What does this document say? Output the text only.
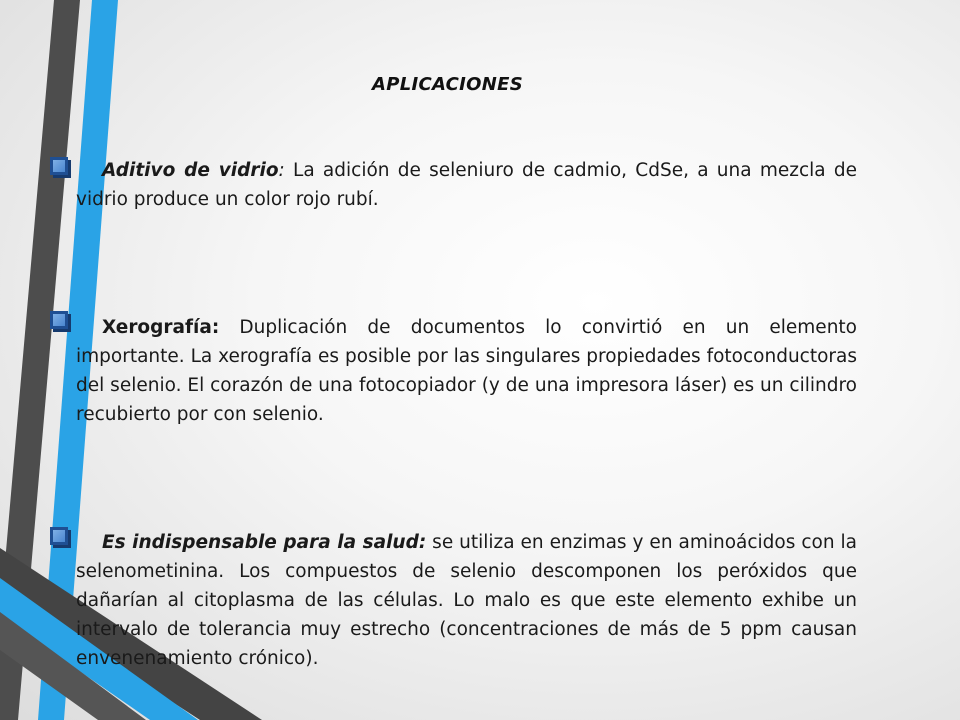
APLICACIONES
Aditivo de vidrio: La adición de seleniuro de cadmio, CdSe, a una mezcla de vidrio produce un color rojo rubí.
Xerografía: Duplicación de documentos lo convirtió en un elemento importante. La xerografía es posible por las singulares propiedades fotoconductoras del selenio. El corazón de una fotocopiador (y de una impresora láser) es un cilindro recubierto por con selenio.
Es indispensable para la salud: se utiliza en enzimas y en aminoácidos con la selenometinina. Los compuestos de selenio descomponen los peróxidos que dañarían al citoplasma de las células. Lo malo es que este elemento exhibe un intervalo de tolerancia muy estrecho (concentraciones de más de 5 ppm causan envenenamiento crónico).
